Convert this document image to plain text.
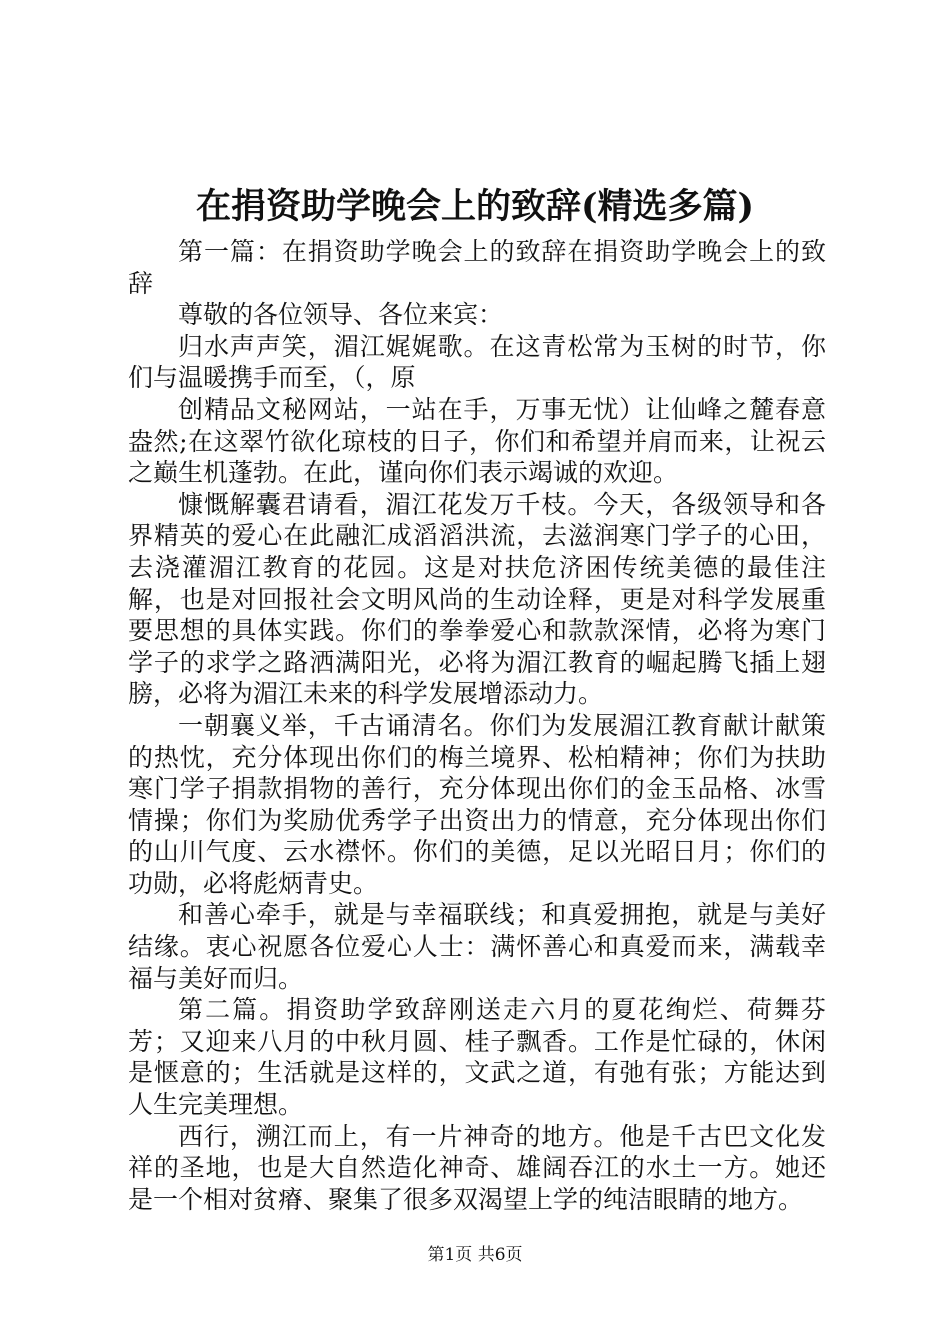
在捐资助学晚会上的致辞(精选多篇)

第一篇：在捐资助学晚会上的致辞在捐资助学晚会上的致辞

尊敬的各位领导、各位来宾：

归水声声笑，湄江娓娓歌。在这青松常为玉树的时节，你们与温暖携手而至，（，原

创精品文秘网站，一站在手，万事无忧）让仙峰之麓春意盎然;在这翠竹欲化琼枝的日子，你们和希望并肩而来，让祝云之巅生机蓬勃。在此，谨向你们表示竭诚的欢迎。

慷慨解囊君请看，湄江花发万千枝。今天，各级领导和各界精英的爱心在此融汇成滔滔洪流，去滋润寒门学子的心田，去浇灌湄江教育的花园。这是对扶危济困传统美德的最佳注解，也是对回报社会文明风尚的生动诠释，更是对科学发展重要思想的具体实践。你们的拳拳爱心和款款深情，必将为寒门学子的求学之路洒满阳光，必将为湄江教育的崛起腾飞插上翅膀，必将为湄江未来的科学发展增添动力。

一朝襄义举，千古诵清名。你们为发展湄江教育献计献策的热忱，充分体现出你们的梅兰境界、松柏精神；你们为扶助寒门学子捐款捐物的善行，充分体现出你们的金玉品格、冰雪情操；你们为奖励优秀学子出资出力的情意，充分体现出你们的山川气度、云水襟怀。你们的美德，足以光昭日月；你们的功勋，必将彪炳青史。

和善心牵手，就是与幸福联线；和真爱拥抱，就是与美好结缘。衷心祝愿各位爱心人士：满怀善心和真爱而来，满载幸福与美好而归。

第二篇。捐资助学致辞刚送走六月的夏花绚烂、荷舞芬芳；又迎来八月的中秋月圆、桂子飘香。工作是忙碌的，休闲是惬意的；生活就是这样的，文武之道，有弛有张；方能达到人生完美理想。

西行，溯江而上，有一片神奇的地方。他是千古巴文化发祥的圣地，也是大自然造化神奇、雄阔吞江的水土一方。她还是一个相对贫瘠、聚集了很多双渴望上学的纯洁眼睛的地方。

第1页 共6页
